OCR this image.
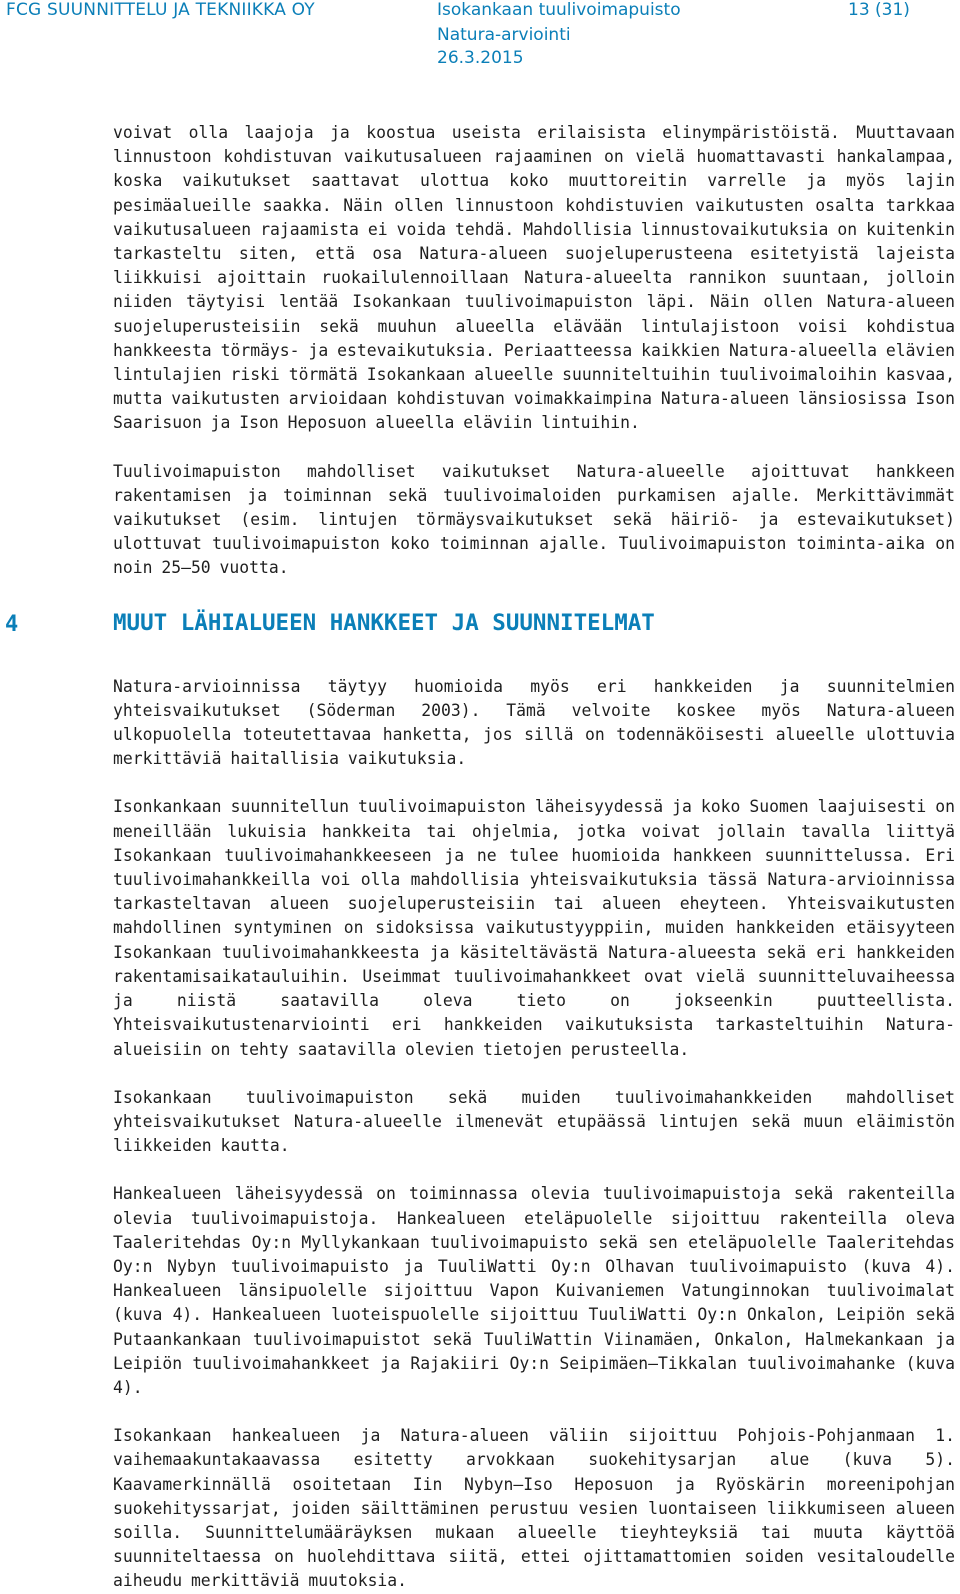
FCG SUUNNITTELU JA TEKNIIKKA OY	Isokankaan tuulivoimapuisto
Natura-arviointi
26.3.2015
13 (31)

voivat olla laajoja ja koostua useista erilaisista elinympäristöistä. Muuttavaan linnustoon kohdistuvan vaikutusalueen rajaaminen on vielä huomattavasti hankalampaa, koska vaikutukset saattavat ulottua koko muuttoreitin varrelle ja myös lajin pesimäalueille saakka. Näin ollen linnustoon kohdistuvien vaikutusten osalta tarkkaa vaikutusalueen rajaamista ei voida tehdä. Mahdollisia linnustovaikutuksia on kuitenkin tarkasteltu siten, että osa Natura-alueen suojeluperusteena esitetyistä lajeista liikkuisi ajoittain ruokailulennoillaan Natura-alueelta rannikon suuntaan, jolloin niiden täytyisi lentää Isokankaan tuulivoimapuiston läpi. Näin ollen Natura-alueen suojeluperusteisiin sekä muuhun alueella elävään lintulajistoon voisi kohdistua hankkeesta törmäys- ja estevaikutuksia. Periaatteessa kaikkien Natura-alueella elävien lintulajien riski törmätä Isokankaan alueelle suunniteltuihin tuulivoimaloihin kasvaa, mutta vaikutusten arvioidaan kohdistuvan voimakkaimpina Natura-alueen länsiosissa Ison Saarisuon ja Ison Heposuon alueella eläviin lintuihin.

Tuulivoimapuiston mahdolliset vaikutukset Natura-alueelle ajoittuvat hankkeen rakentamisen ja toiminnan sekä tuulivoimaloiden purkamisen ajalle. Merkittävimmät vaikutukset (esim. lintujen törmäysvaikutukset sekä häiriö- ja estevaikutukset) ulottuvat tuulivoimapuiston koko toiminnan ajalle. Tuulivoimapuiston toiminta-aika on noin 25—50 vuotta.

4	MUUT LÄHIALUEEN HANKKEET JA SUUNNITELMAT

Natura-arvioinnissa täytyy huomioida myös eri hankkeiden ja suunnitelmien yhteisvaikutukset (Söderman 2003). Tämä velvoite koskee myös Natura-alueen ulkopuolella toteutettavaa hanketta, jos sillä on todennäköisesti alueelle ulottuvia merkittäviä haitallisia vaikutuksia.

Isonkankaan suunnitellun tuulivoimapuiston läheisyydessä ja koko Suomen laajuisesti on meneillään lukuisia hankkeita tai ohjelmia, jotka voivat jollain tavalla liittyä Isokankaan tuulivoimahankkeeseen ja ne tulee huomioida hankkeen suunnittelussa. Eri tuulivoimahankkeilla voi olla mahdollisia yhteisvaikutuksia tässä Natura-arvioinnissa tarkasteltavan alueen suojeluperusteisiin tai alueen eheyteen. Yhteisvaikutusten mahdollinen syntyminen on sidoksissa vaikutustyyppiin, muiden hankkeiden etäisyyteen Isokankaan tuulivoimahankkeesta ja käsiteltävästä Natura-alueesta sekä eri hankkeiden rakentamisaikatauluihin. Useimmat tuulivoimahankkeet ovat vielä suunnitteluvaiheessa ja niistä saatavilla oleva tieto on jokseenkin puutteellista. Yhteisvaikutustenarviointi eri hankkeiden vaikutuksista tarkasteltuihin Natura-alueisiin on tehty saatavilla olevien tietojen perusteella.

Isokankaan tuulivoimapuiston sekä muiden tuulivoimahankkeiden mahdolliset yhteisvaikutukset Natura-alueelle ilmenevät etupäässä lintujen sekä muun eläimistön liikkeiden kautta.

Hankealueen läheisyydessä on toiminnassa olevia tuulivoimapuistoja sekä rakenteilla olevia tuulivoimapuistoja. Hankealueen eteläpuolelle sijoittuu rakenteilla oleva Taaleritehdas Oy:n Myllykankaan tuulivoimapuisto sekä sen eteläpuolelle Taaleritehdas Oy:n Nybyn tuulivoimapuisto ja TuuliWatti Oy:n Olhavan tuulivoimapuisto (kuva 4). Hankealueen länsipuolelle sijoittuu Vapon Kuivaniemen Vatunginnokan tuulivoimalat (kuva 4). Hankealueen luoteispuolelle sijoittuu TuuliWatti Oy:n Onkalon, Leipiön sekä Putaankankaan tuulivoimapuistot sekä TuuliWattin Viinamäen, Onkalon, Halmekankaan ja Leipiön tuulivoimahankkeet ja Rajakiiri Oy:n Seipimäen–Tikkalan tuulivoimahanke (kuva 4).

Isokankaan hankealueen ja Natura-alueen väliin sijoittuu Pohjois-Pohjanmaan 1. vaihemaakuntakaavassa esitetty arvokkaan suokehitysarjan alue (kuva 5). Kaavamerkinnällä osoitetaan Iin Nybyn—Iso Heposuon ja Ryöskärin moreenipohjan suokehityssarjat, joiden säilttäminen perustuu vesien luontaiseen liikkumiseen alueen soilla. Suunnittelumääräyksen mukaan alueelle tieyhteyksiä tai muuta käyttöä suunniteltaessa on huolehdittava siitä, ettei ojittamattomien soiden vesitaloudelle aiheudu merkittäviä muutoksia.
